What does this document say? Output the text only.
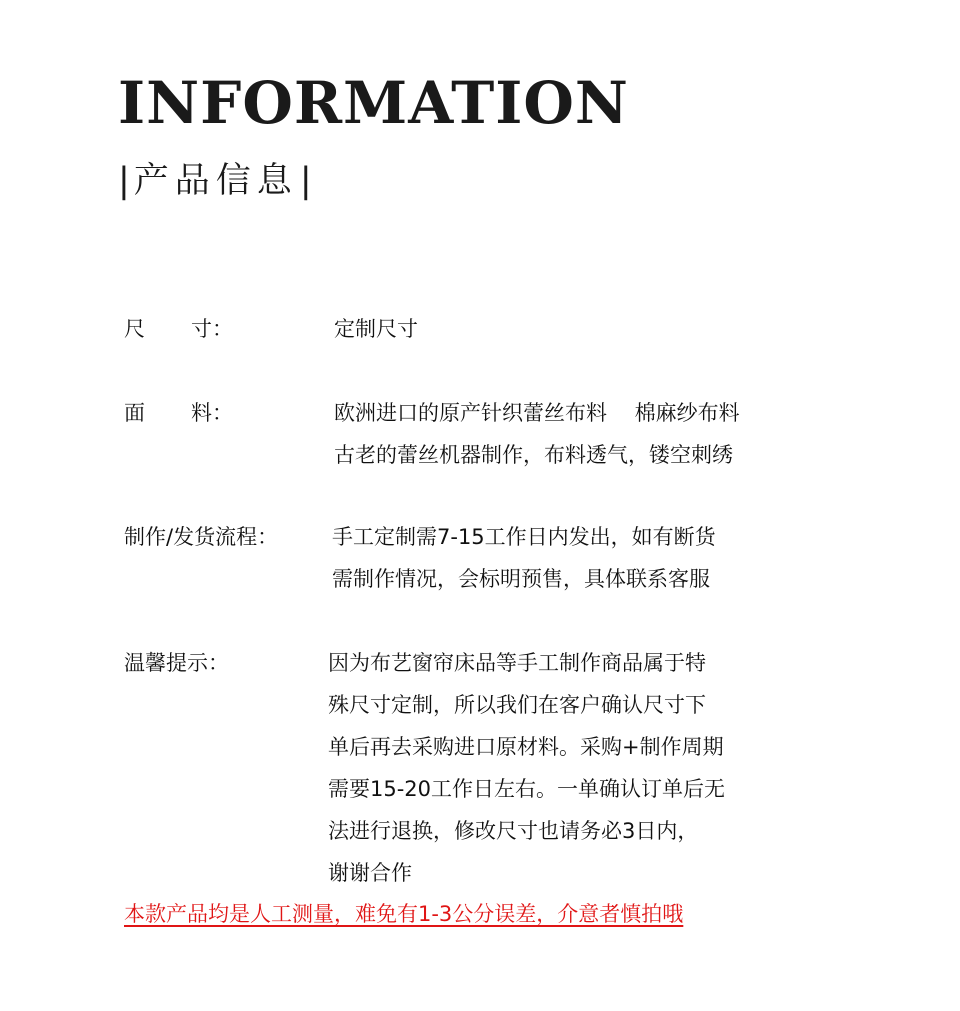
INFORMATION
| 产品信息|
尺 寸：	定制尺寸
面 料：	欧洲进口的原产针织蕾丝布料　 棉麻纱布料
古老的蕾丝机器制作，布料透气，镂空刺绣
制作/发货流程：	手工定制需7-15工作日内发出，如有断货
需制作情况，会标明预售，具体联系客服
温馨提示：	因为布艺窗帘床品等手工制作商品属于特
殊尺寸定制，所以我们在客户确认尺寸下
单后再去采购进口原材料。采购+制作周期
需要15-20工作日左右。一单确认订单后无
法进行退换，修改尺寸也请务必3日内，
谢谢合作
本款产品均是人工测量，难免有1-3公分误差，介意者慎拍哦
